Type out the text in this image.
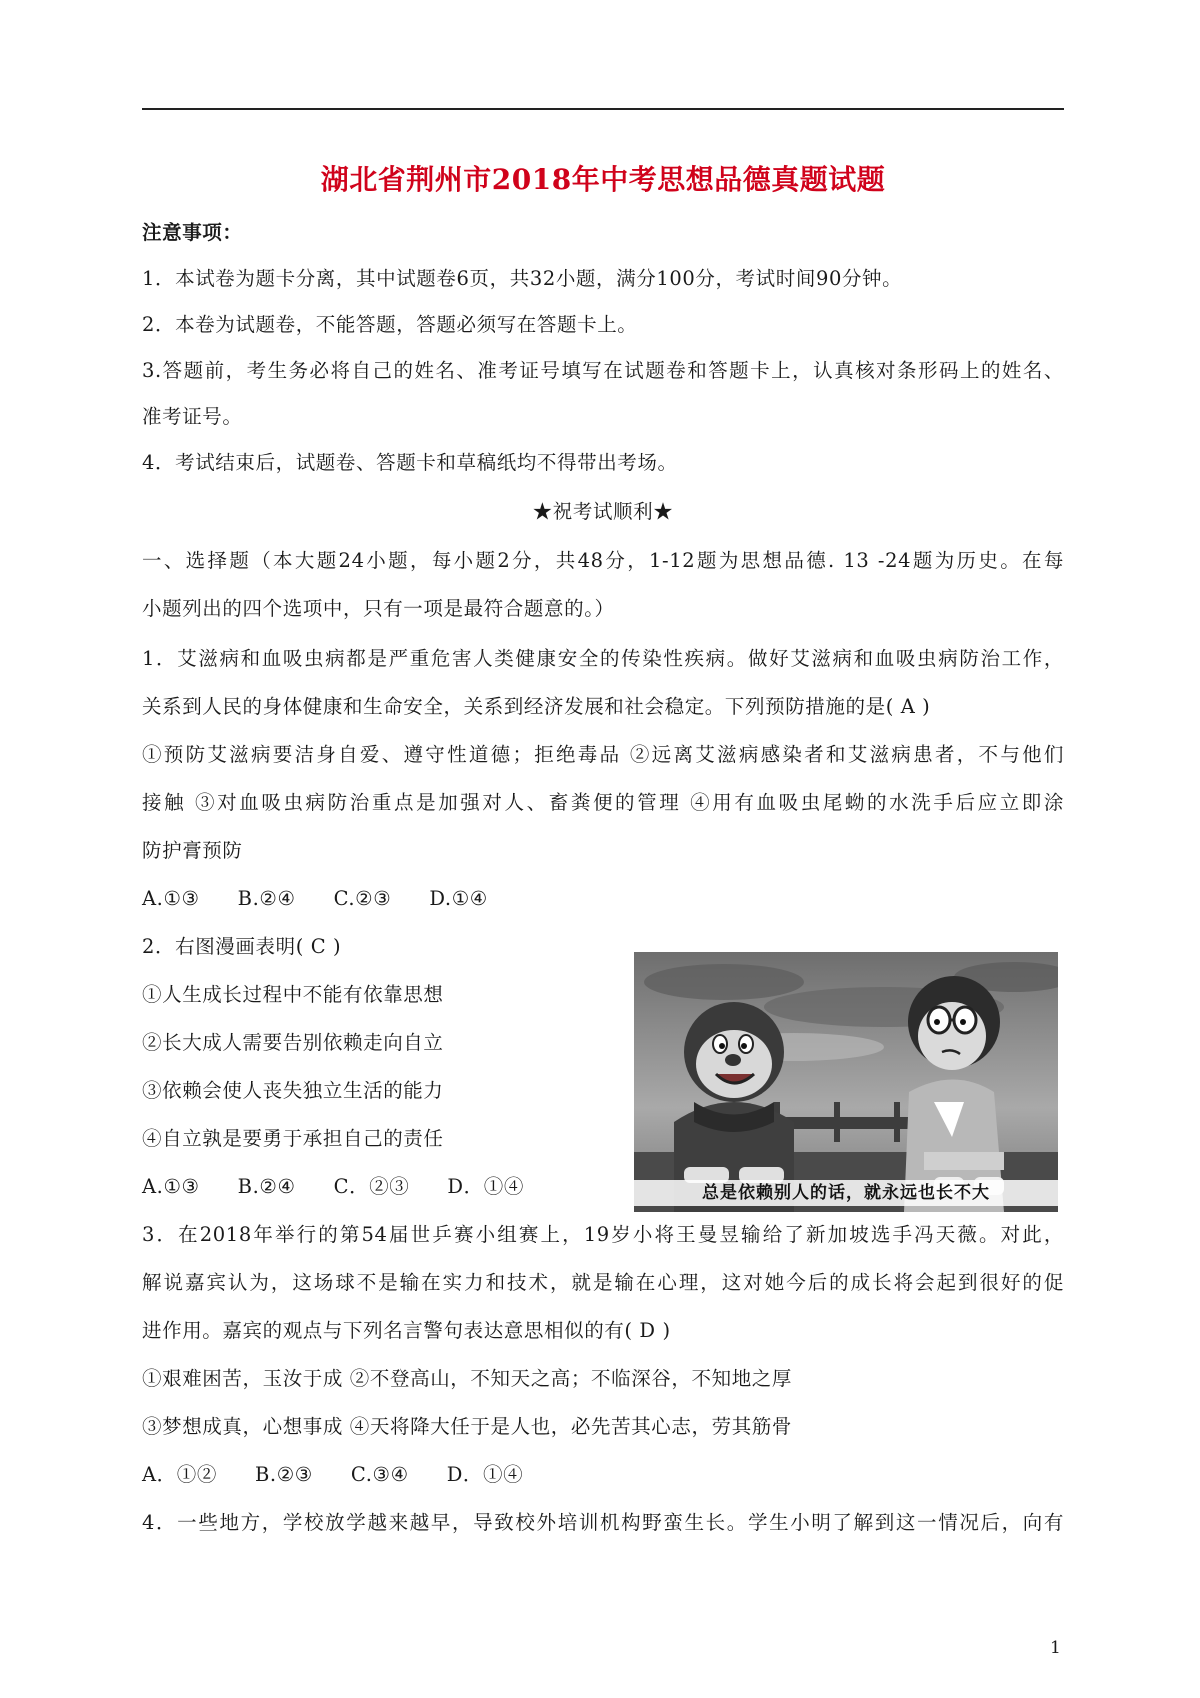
湖北省荆州市2018年中考思想品德真题试题
注意事项：
1．本试卷为题卡分离，其中试题卷6页，共32小题，满分100分，考试时间90分钟。
2．本卷为试题卷，不能答题，答题必须写在答题卡上。
3.答题前，考生务必将自己的姓名、准考证号填写在试题卷和答题卡上，认真核对条形码上的姓名、
准考证号。
4．考试结束后，试题卷、答题卡和草稿纸均不得带出考场。
★祝考试顺利★
一、选择题（本大题24小题，每小题2分，共48分，1-12题为思想品德. 13 -24题为历史。在每
小题列出的四个选项中，只有一项是最符合题意的。）
1．艾滋病和血吸虫病都是严重危害人类健康安全的传染性疾病。做好艾滋病和血吸虫病防治工作，
关系到人民的身体健康和生命安全，关系到经济发展和社会稳定。下列预防措施的是( A )
①预防艾滋病要洁身自爱、遵守性道德；拒绝毒品 ②远离艾滋病感染者和艾滋病患者，不与他们
接触 ③对血吸虫病防治重点是加强对人、畜粪便的管理 ④用有血吸虫尾蚴的水洗手后应立即涂
防护膏预防
A.①③ B.②④ C.②③ D.①④
2．右图漫画表明( C )
①人生成长过程中不能有依靠思想
②长大成人需要告别依赖走向自立
③依赖会使人丧失独立生活的能力
④自立孰是要勇于承担自己的责任
A.①③ B.②④ C．②③ D．①④	总是依赖别人的话，就永远也长不大
3．在2018年举行的第54届世乒赛小组赛上，19岁小将王曼昱输给了新加坡选手冯天薇。对此，
解说嘉宾认为，这场球不是输在实力和技术，就是输在心理，这对她今后的成长将会起到很好的促
进作用。嘉宾的观点与下列名言警句表达意思相似的有( D )
①艰难困苦，玉汝于成 ②不登高山，不知天之高；不临深谷，不知地之厚
③梦想成真，心想事成 ④天将降大任于是人也，必先苦其心志，劳其筋骨
A．①② B.②③ C.③④ D．①④
4．一些地方，学校放学越来越早，导致校外培训机构野蛮生长。学生小明了解到这一情况后，向有
1
